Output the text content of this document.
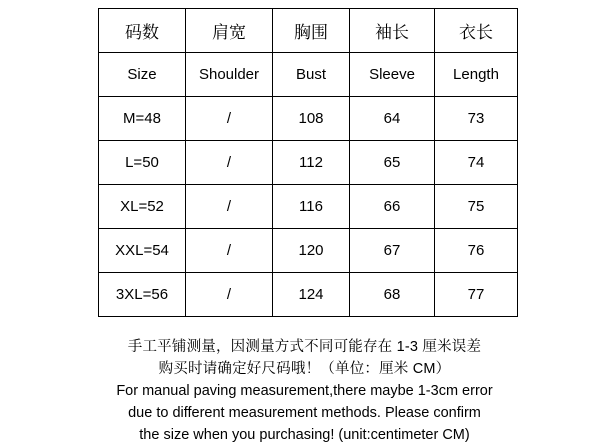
码数	肩宽	胸围	袖长	衣长
Size	Shoulder	Bust	Sleeve	Length
M=48	/	108	64	73
L=50	/	112	65	74
XL=52	/	116	66	75
XXL=54	/	120	67	76
3XL=56	/	124	68	77
手工平铺测量，因测量方式不同可能存在 1-3 厘米误差
购买时请确定好尺码哦！（单位：厘米 CM）
For manual paving measurement,there maybe 1-3cm error
due to different measurement methods. Please confirm
the size when you purchasing! (unit:centimeter CM)
